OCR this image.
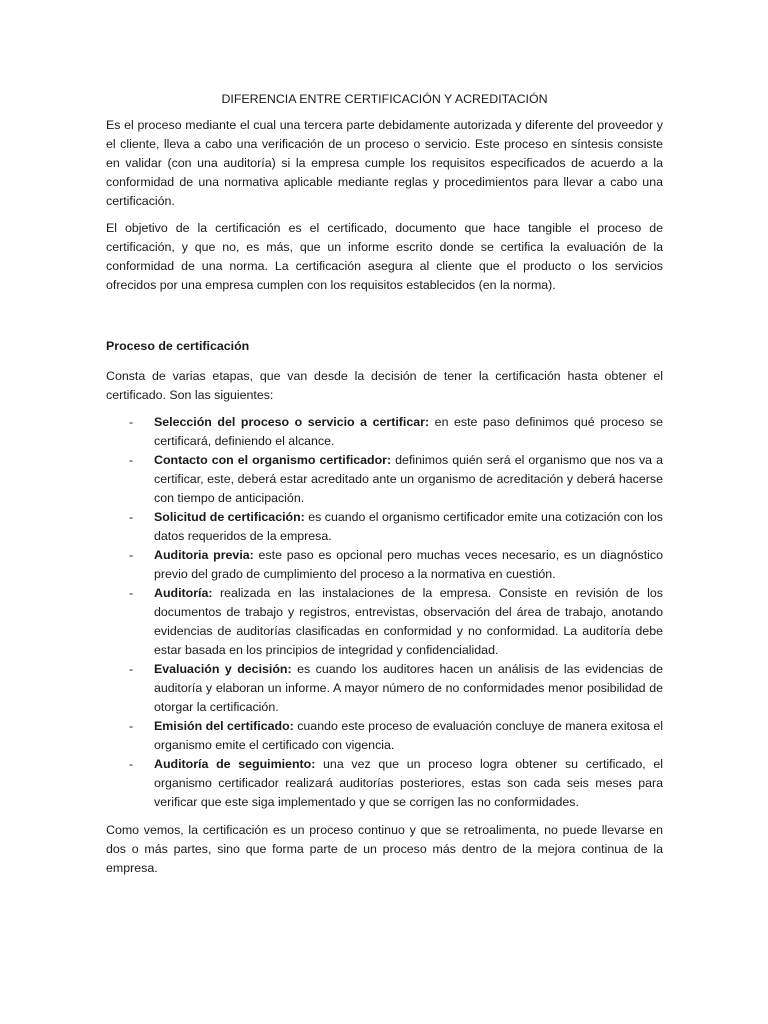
DIFERENCIA ENTRE CERTIFICACIÓN Y ACREDITACIÓN

Es el proceso mediante el cual una tercera parte debidamente autorizada y diferente del proveedor y el cliente, lleva a cabo una verificación de un proceso o servicio. Este proceso en síntesis consiste en validar (con una auditoría) si la empresa cumple los requisitos especificados de acuerdo a la conformidad de una normativa aplicable mediante reglas y procedimientos para llevar a cabo una certificación.

El objetivo de la certificación es el certificado, documento que hace tangible el proceso de certificación, y que no, es más, que un informe escrito donde se certifica la evaluación de la conformidad de una norma. La certificación asegura al cliente que el producto o los servicios ofrecidos por una empresa cumplen con los requisitos establecidos (en la norma).

Proceso de certificación

Consta de varias etapas, que van desde la decisión de tener la certificación hasta obtener el certificado. Son las siguientes:

- Selección del proceso o servicio a certificar: en este paso definimos qué proceso se certificará, definiendo el alcance.
- Contacto con el organismo certificador: definimos quién será el organismo que nos va a certificar, este, deberá estar acreditado ante un organismo de acreditación y deberá hacerse con tiempo de anticipación.
- Solicitud de certificación: es cuando el organismo certificador emite una cotización con los datos requeridos de la empresa.
- Auditoria previa: este paso es opcional pero muchas veces necesario, es un diagnóstico previo del grado de cumplimiento del proceso a la normativa en cuestión.
- Auditoría: realizada en las instalaciones de la empresa. Consiste en revisión de los documentos de trabajo y registros, entrevistas, observación del área de trabajo, anotando evidencias de auditorías clasificadas en conformidad y no conformidad. La auditoría debe estar basada en los principios de integridad y confidencialidad.
- Evaluación y decisión: es cuando los auditores hacen un análisis de las evidencias de auditoría y elaboran un informe. A mayor número de no conformidades menor posibilidad de otorgar la certificación.
- Emisión del certificado: cuando este proceso de evaluación concluye de manera exitosa el organismo emite el certificado con vigencia.
- Auditoría de seguimiento: una vez que un proceso logra obtener su certificado, el organismo certificador realizará auditorías posteriores, estas son cada seis meses para verificar que este siga implementado y que se corrigen las no conformidades.

Como vemos, la certificación es un proceso continuo y que se retroalimenta, no puede llevarse en dos o más partes, sino que forma parte de un proceso más dentro de la mejora continua de la empresa.
